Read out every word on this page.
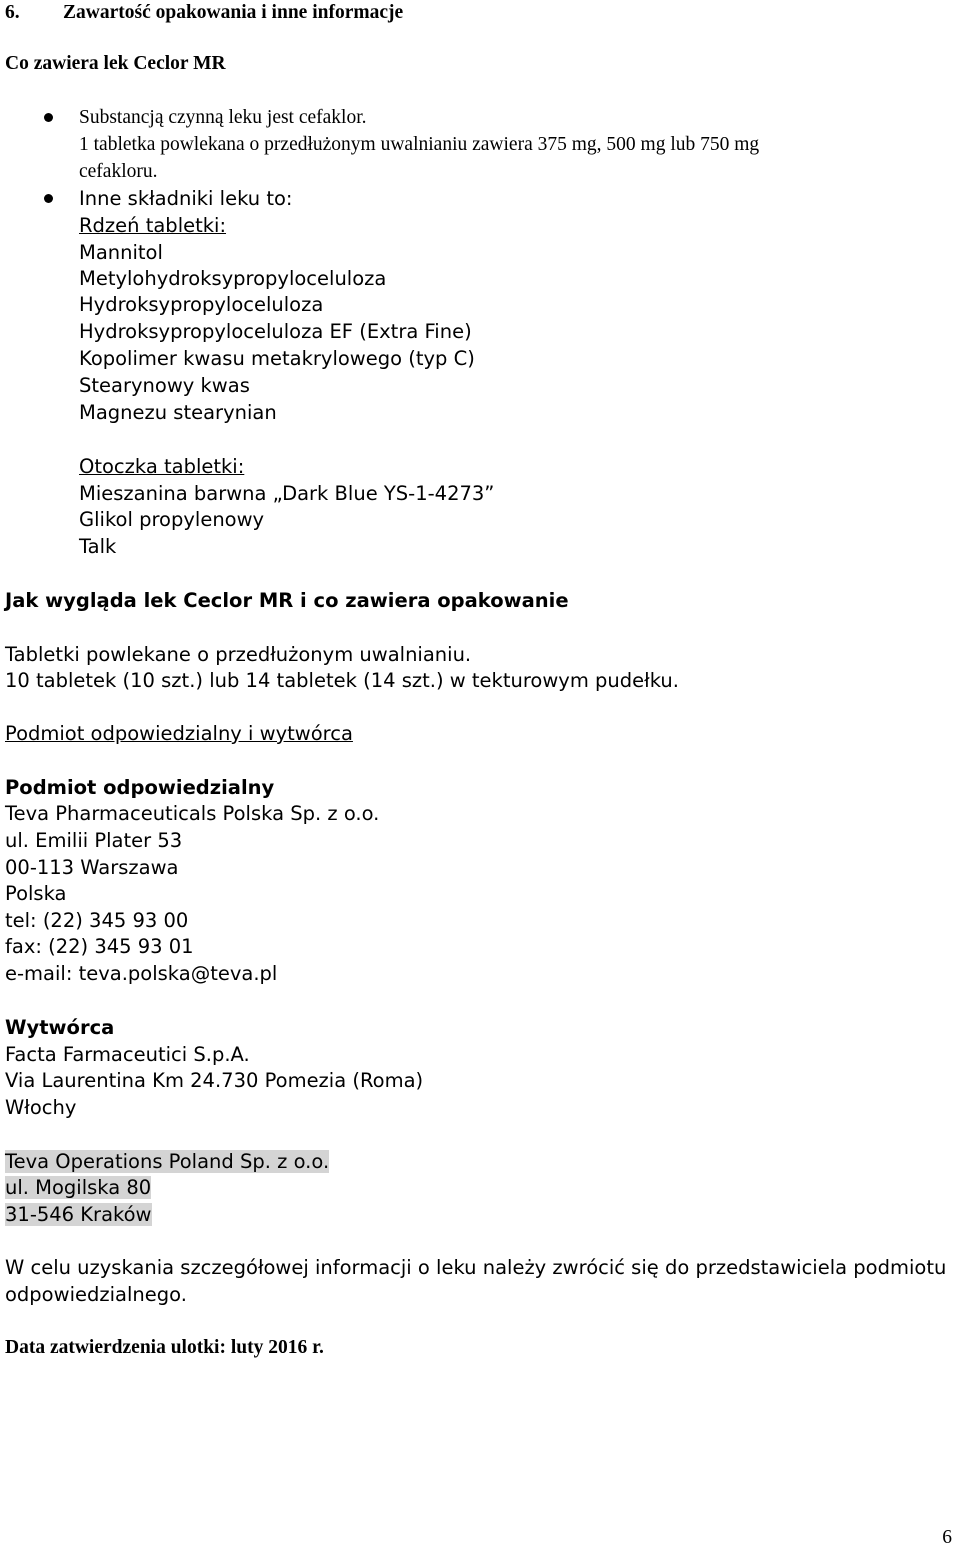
6. Zawartość opakowania i inne informacje
Co zawiera lek Ceclor MR
Substancją czynną leku jest cefaklor.
1 tabletka powlekana o przedłużonym uwalnianiu zawiera 375 mg, 500 mg lub 750 mg
cefakloru.
Inne składniki leku to:
Rdzeń tabletki:
Mannitol
Metylohydroksypropyloceluloza
Hydroksypropyloceluloza
Hydroksypropyloceluloza EF (Extra Fine)
Kopolimer kwasu metakrylowego (typ C)
Stearynowy kwas
Magnezu stearynian
Otoczka tabletki:
Mieszanina barwna „Dark Blue YS-1-4273”
Glikol propylenowy
Talk
Jak wygląda lek Ceclor MR i co zawiera opakowanie
Tabletki powlekane o przedłużonym uwalnianiu.
10 tabletek (10 szt.) lub 14 tabletek (14 szt.) w tekturowym pudełku.
Podmiot odpowiedzialny i wytwórca
Podmiot odpowiedzialny
Teva Pharmaceuticals Polska Sp. z o.o.
ul. Emilii Plater 53
00-113 Warszawa
Polska
tel: (22) 345 93 00
fax: (22) 345 93 01
e-mail: teva.polska@teva.pl
Wytwórca
Facta Farmaceutici S.p.A.
Via Laurentina Km 24.730 Pomezia (Roma)
Włochy
Teva Operations Poland Sp. z o.o.
ul. Mogilska 80
31-546 Kraków
W celu uzyskania szczegółowej informacji o leku należy zwrócić się do przedstawiciela podmiotu
odpowiedzialnego.
Data zatwierdzenia ulotki: luty 2016 r.
6
